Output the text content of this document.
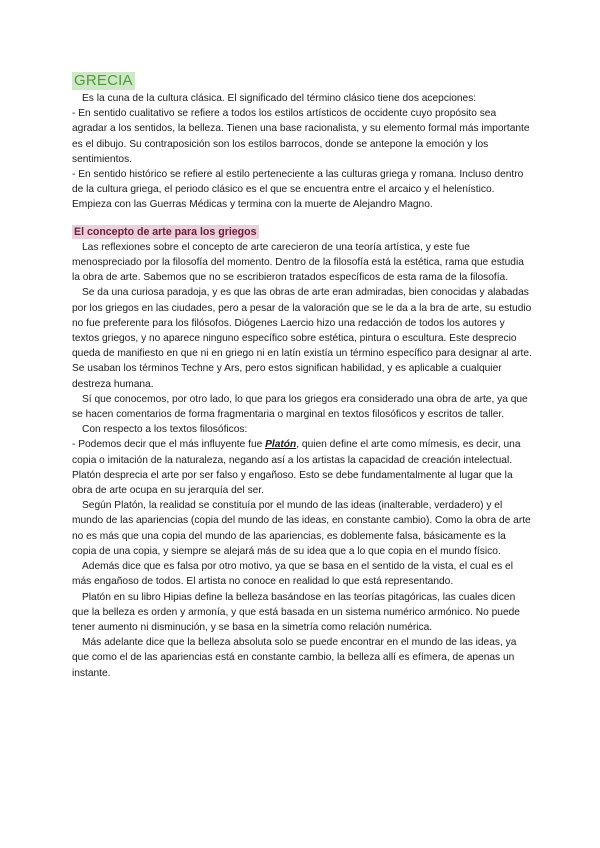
GRECIA

Es la cuna de la cultura clásica. El significado del término clásico tiene dos acepciones:

- En sentido cualitativo se refiere a todos los estilos artísticos de occidente cuyo propósito sea agradar a los sentidos, la belleza. Tienen una base racionalista, y su elemento formal más importante es el dibujo. Su contraposición son los estilos barrocos, donde se antepone la emoción y los sentimientos.

- En sentido histórico se refiere al estilo perteneciente a las culturas griega y romana. Incluso dentro de la cultura griega, el periodo clásico es el que se encuentra entre el arcaico y el helenístico. Empieza con las Guerras Médicas y termina con la muerte de Alejandro Magno.

El concepto de arte para los griegos

Las reflexiones sobre el concepto de arte carecieron de una teoría artística, y este fue menospreciado por la filosofía del momento. Dentro de la filosofía está la estética, rama que estudia la obra de arte. Sabemos que no se escribieron tratados específicos de esta rama de la filosofía.

Se da una curiosa paradoja, y es que las obras de arte eran admiradas, bien conocidas y alabadas por los griegos en las ciudades, pero a pesar de la valoración que se le da a la bra de arte, su estudio no fue preferente para los filósofos. Diógenes Laercio hizo una redacción de todos los autores y textos griegos, y no aparece ninguno específico sobre estética, pintura o escultura. Este desprecio queda de manifiesto en que ni en griego ni en latín existía un término específico para designar al arte. Se usaban los términos Techne y Ars, pero estos significan habilidad, y es aplicable a cualquier destreza humana.

Sí que conocemos, por otro lado, lo que para los griegos era considerado una obra de arte, ya que se hacen comentarios de forma fragmentaria o marginal en textos filosóficos y escritos de taller.

Con respecto a los textos filosóficos:

- Podemos decir que el más influyente fue Platón, quien define el arte como mímesis, es decir, una copia o imitación de la naturaleza, negando así a los artistas la capacidad de creación intelectual. Platón desprecia el arte por ser falso y engañoso. Esto se debe fundamentalmente al lugar que la obra de arte ocupa en su jerarquía del ser.

Según Platón, la realidad se constituía por el mundo de las ideas (inalterable, verdadero) y el mundo de las apariencias (copia del mundo de las ideas, en constante cambio). Como la obra de arte no es más que una copia del mundo de las apariencias, es doblemente falsa, básicamente es la copia de una copia, y siempre se alejará más de su idea que a lo que copia en el mundo físico.

Además dice que es falsa por otro motivo, ya que se basa en el sentido de la vista, el cual es el más engañoso de todos. El artista no conoce en realidad lo que está representando.

Platón en su libro Hipias define la belleza basándose en las teorías pitagóricas, las cuales dicen que la belleza es orden y armonía, y que está basada en un sistema numérico armónico. No puede tener aumento ni disminución, y se basa en la simetría como relación numérica.

Más adelante dice que la belleza absoluta solo se puede encontrar en el mundo de las ideas, ya que como el de las apariencias está en constante cambio, la belleza allí es efímera, de apenas un instante.
